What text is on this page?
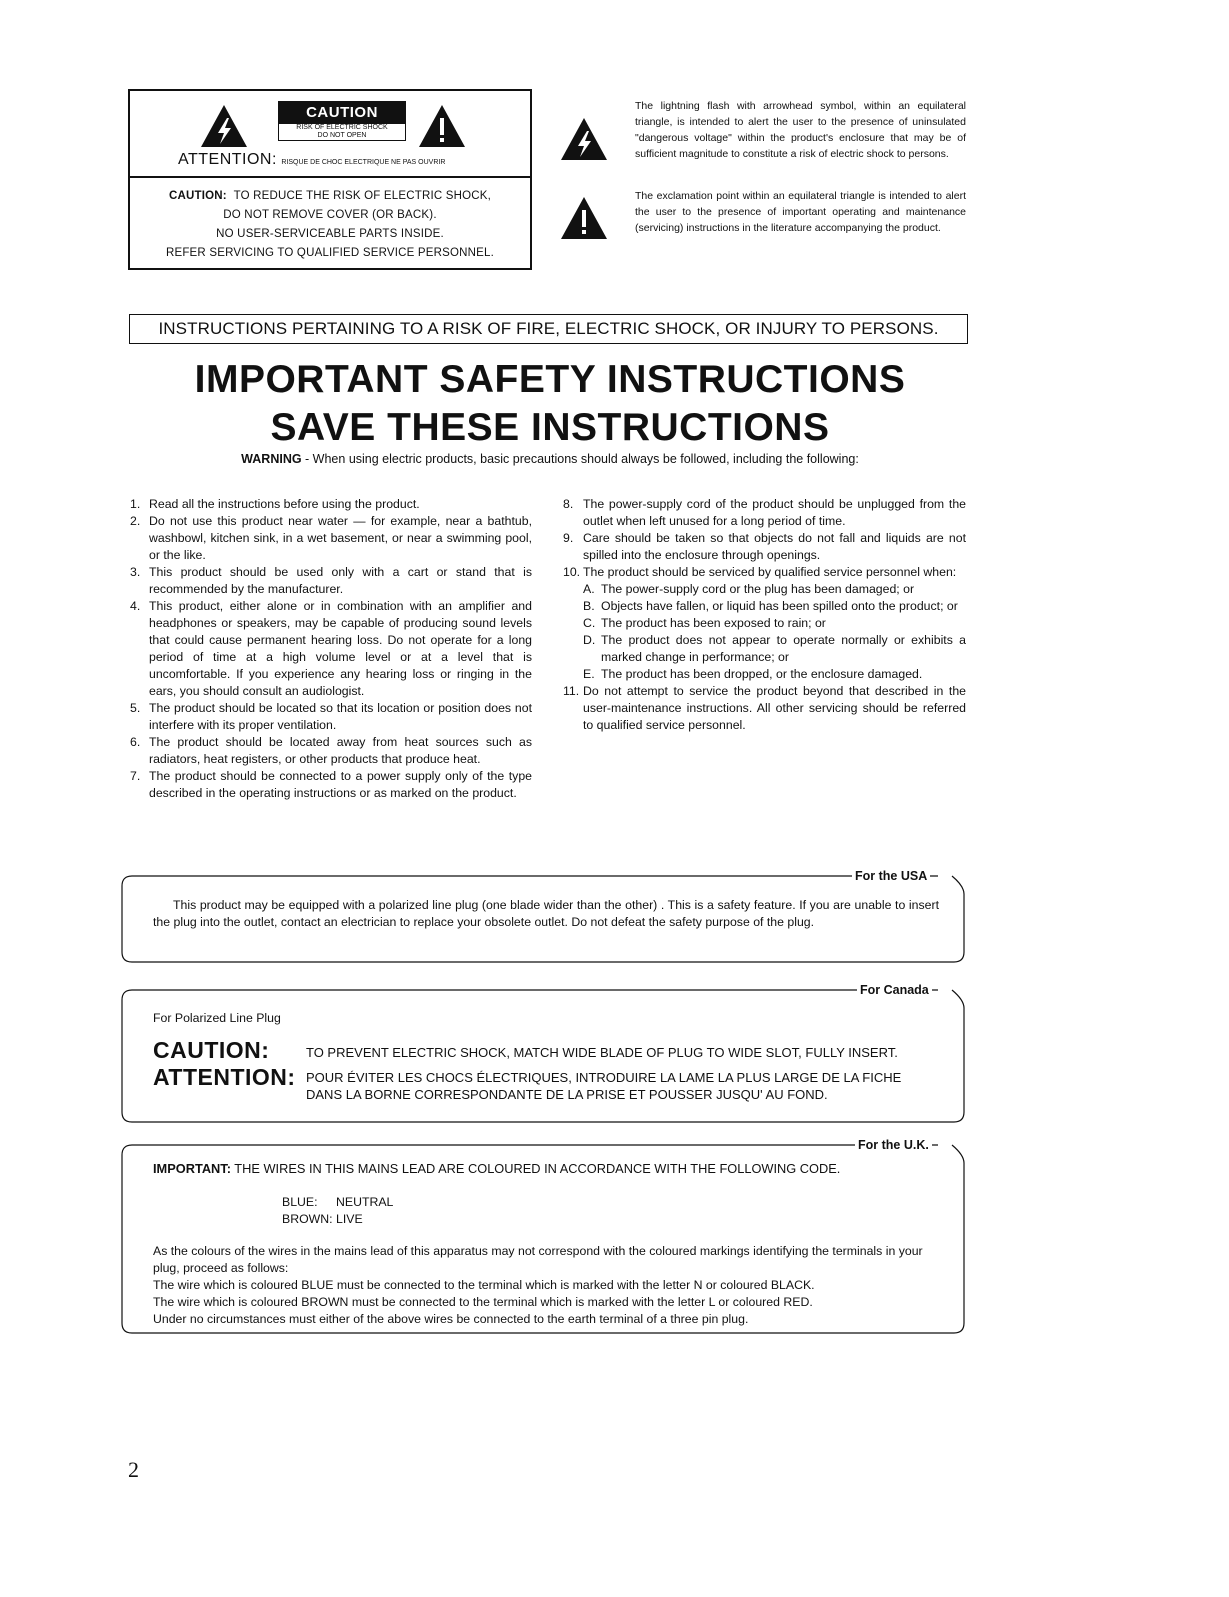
CAUTION
RISK OF ELECTRIC SHOCK
DO NOT OPEN
ATTENTION: RISQUE DE CHOC ELECTRIQUE NE PAS OUVRIR
CAUTION: TO REDUCE THE RISK OF ELECTRIC SHOCK,
DO NOT REMOVE COVER (OR BACK).
NO USER-SERVICEABLE PARTS INSIDE.
REFER SERVICING TO QUALIFIED SERVICE PERSONNEL.
The lightning flash with arrowhead symbol, within an equilateral triangle, is intended to alert the user to the presence of uninsulated "dangerous voltage" within the product's enclosure that may be of sufficient magnitude to constitute a risk of electric shock to persons.
The exclamation point within an equilateral triangle is intended to alert the user to the presence of important operating and maintenance (servicing) instructions in the literature accompanying the product.
INSTRUCTIONS PERTAINING TO A RISK OF FIRE, ELECTRIC SHOCK, OR INJURY TO PERSONS.
IMPORTANT SAFETY INSTRUCTIONS
SAVE THESE INSTRUCTIONS
WARNING - When using electric products, basic precautions should always be followed, including the following:
1. Read all the instructions before using the product.
2. Do not use this product near water — for example, near a bathtub, washbowl, kitchen sink, in a wet basement, or near a swimming pool, or the like.
3. This product should be used only with a cart or stand that is recommended by the manufacturer.
4. This product, either alone or in combination with an amplifier and headphones or speakers, may be capable of producing sound levels that could cause permanent hearing loss. Do not operate for a long period of time at a high volume level or at a level that is uncomfortable. If you experience any hearing loss or ringing in the ears, you should consult an audiologist.
5. The product should be located so that its location or position does not interfere with its proper ventilation.
6. The product should be located away from heat sources such as radiators, heat registers, or other products that produce heat.
7. The product should be connected to a power supply only of the type described in the operating instructions or as marked on the product.
8. The power-supply cord of the product should be unplugged from the outlet when left unused for a long period of time.
9. Care should be taken so that objects do not fall and liquids are not spilled into the enclosure through openings.
10. The product should be serviced by qualified service personnel when:
A. The power-supply cord or the plug has been damaged; or
B. Objects have fallen, or liquid has been spilled onto the product; or
C. The product has been exposed to rain; or
D. The product does not appear to operate normally or exhibits a marked change in performance; or
E. The product has been dropped, or the enclosure damaged.
11. Do not attempt to service the product beyond that described in the user-maintenance instructions. All other servicing should be referred to qualified service personnel.
For the USA
This product may be equipped with a polarized line plug (one blade wider than the other) . This is a safety feature. If you are unable to insert the plug into the outlet, contact an electrician to replace your obsolete outlet. Do not defeat the safety purpose of the plug.
For Canada
For Polarized Line Plug
CAUTION:	TO PREVENT ELECTRIC SHOCK, MATCH WIDE BLADE OF PLUG TO WIDE SLOT, FULLY INSERT.
ATTENTION: POUR ÉVITER LES CHOCS ÉLECTRIQUES, INTRODUIRE LA LAME LA PLUS LARGE DE LA FICHE
DANS LA BORNE CORRESPONDANTE DE LA PRISE ET POUSSER JUSQU' AU FOND.
For the U.K.
IMPORTANT: THE WIRES IN THIS MAINS LEAD ARE COLOURED IN ACCORDANCE WITH THE FOLLOWING CODE.
BLUE: NEUTRAL
BROWN: LIVE
As the colours of the wires in the mains lead of this apparatus may not correspond with the coloured markings identifying the terminals in your plug, proceed as follows:
The wire which is coloured BLUE must be connected to the terminal which is marked with the letter N or coloured BLACK.
The wire which is coloured BROWN must be connected to the terminal which is marked with the letter L or coloured RED.
Under no circumstances must either of the above wires be connected to the earth terminal of a three pin plug.
2
